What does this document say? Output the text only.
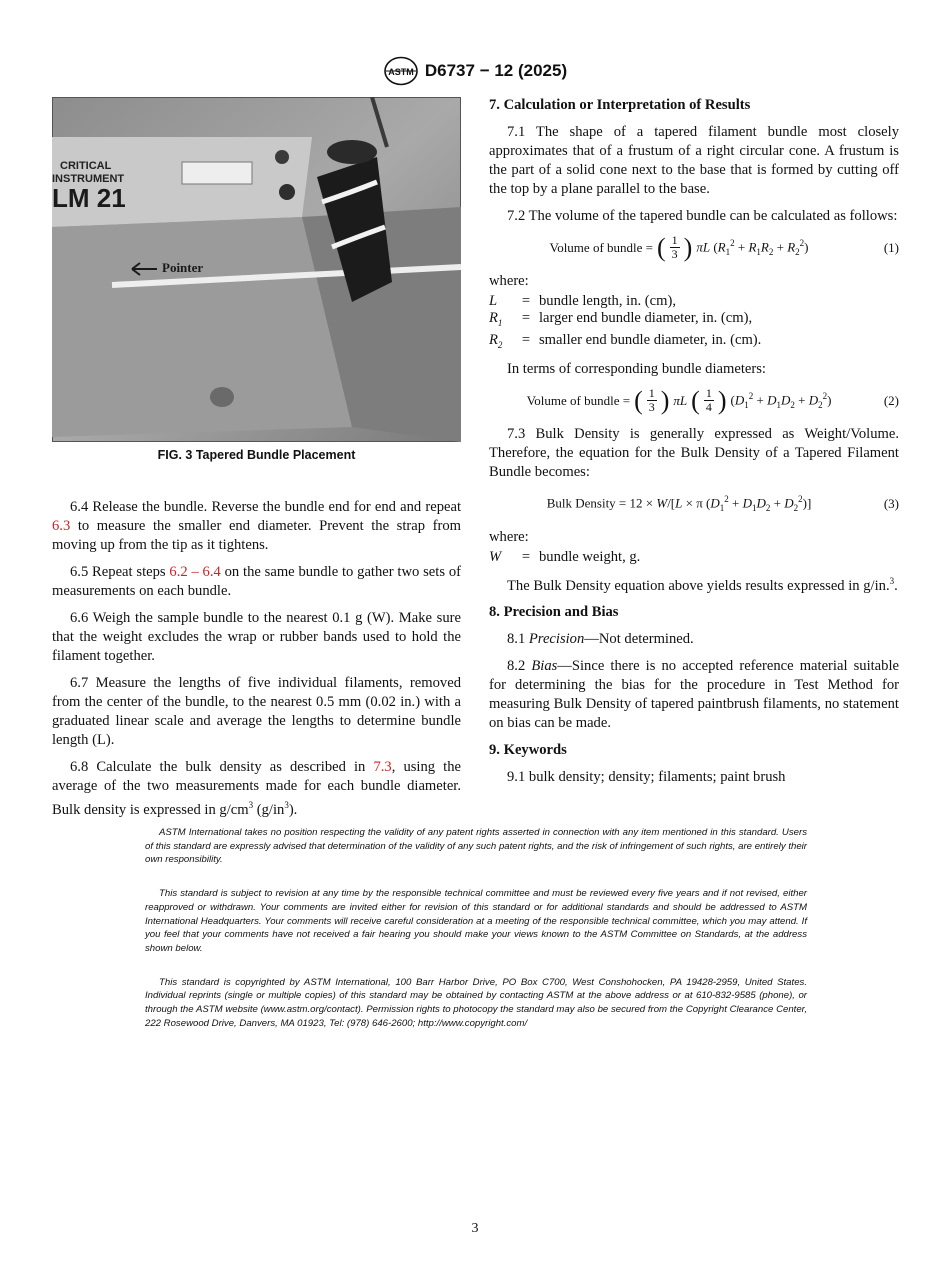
ASTM D6737 − 12 (2025)
CRITICAL
INSTRUMENT
LM 21
Pointer
FIG. 3 Tapered Bundle Placement

6.4 Release the bundle. Reverse the bundle end for end and repeat 6.3 to measure the smaller end diameter. Prevent the strap from moving up from the tip as it tightens.

6.5 Repeat steps 6.2 – 6.4 on the same bundle to gather two sets of measurements on each bundle.

6.6 Weigh the sample bundle to the nearest 0.1 g (W). Make sure that the weight excludes the wrap or rubber bands used to hold the filament together.

6.7 Measure the lengths of five individual filaments, removed from the center of the bundle, to the nearest 0.5 mm (0.02 in.) with a graduated linear scale and average the lengths to determine bundle length (L).

6.8 Calculate the bulk density as described in 7.3, using the average of the two measurements made for each bundle diameter. Bulk density is expressed in $g/cm^3$ $(g/in^3)$.

7. Calculation or Interpretation of Results

7.1 The shape of a tapered filament bundle most closely approximates that of a frustum of a right circular cone. A frustum is the part of a solid cone next to the base that is formed by cutting off the top by a plane parallel to the base.

7.2 The volume of the tapered bundle can be calculated as follows:

Volume of bundle = ( $\frac{1}{3}$ ) πL $(R_1^2 + R_1R_2 + R_2^2)$	(1)
where:
L	= bundle length, in. (cm),
$R_1$	= larger end bundle diameter, in. (cm),
$R_2$	= smaller end bundle diameter, in. (cm).

In terms of corresponding bundle diameters:

Volume of bundle = ( $\frac{1}{3}$ ) πL ( $\frac{1}{4}$ ) $(D_1^2 + D_1D_2 + D_2^2)$	(2)

7.3 Bulk Density is generally expressed as Weight/Volume. Therefore, the equation for the Bulk Density of a Tapered Filament Bundle becomes:

Bulk Density = 12 × W/[L × π $(D_1^2 + D_1D_2 + D_2^2)$]	(3)
where:
W	= bundle weight, g.

The Bulk Density equation above yields results expressed in g/in.$^3$.

8. Precision and Bias

8.1 Precision—Not determined.

8.2 Bias—Since there is no accepted reference material suitable for determining the bias for the procedure in Test Method for measuring Bulk Density of tapered paintbrush filaments, no statement on bias can be made.

9. Keywords

9.1 bulk density; density; filaments; paint brush

ASTM International takes no position respecting the validity of any patent rights asserted in connection with any item mentioned in this standard. Users of this standard are expressly advised that determination of the validity of any such patent rights, and the risk of infringement of such rights, are entirely their own responsibility.

This standard is subject to revision at any time by the responsible technical committee and must be reviewed every five years and if not revised, either reapproved or withdrawn. Your comments are invited either for revision of this standard or for additional standards and should be addressed to ASTM International Headquarters. Your comments will receive careful consideration at a meeting of the responsible technical committee, which you may attend. If you feel that your comments have not received a fair hearing you should make your views known to the ASTM Committee on Standards, at the address shown below.

This standard is copyrighted by ASTM International, 100 Barr Harbor Drive, PO Box C700, West Conshohocken, PA 19428-2959, United States. Individual reprints (single or multiple copies) of this standard may be obtained by contacting ASTM at the above address or at 610-832-9585 (phone), or through the ASTM website (www.astm.org/contact). Permission rights to photocopy the standard may also be secured from the Copyright Clearance Center, 222 Rosewood Drive, Danvers, MA 01923, Tel: (978) 646-2600; http://www.copyright.com/

3
